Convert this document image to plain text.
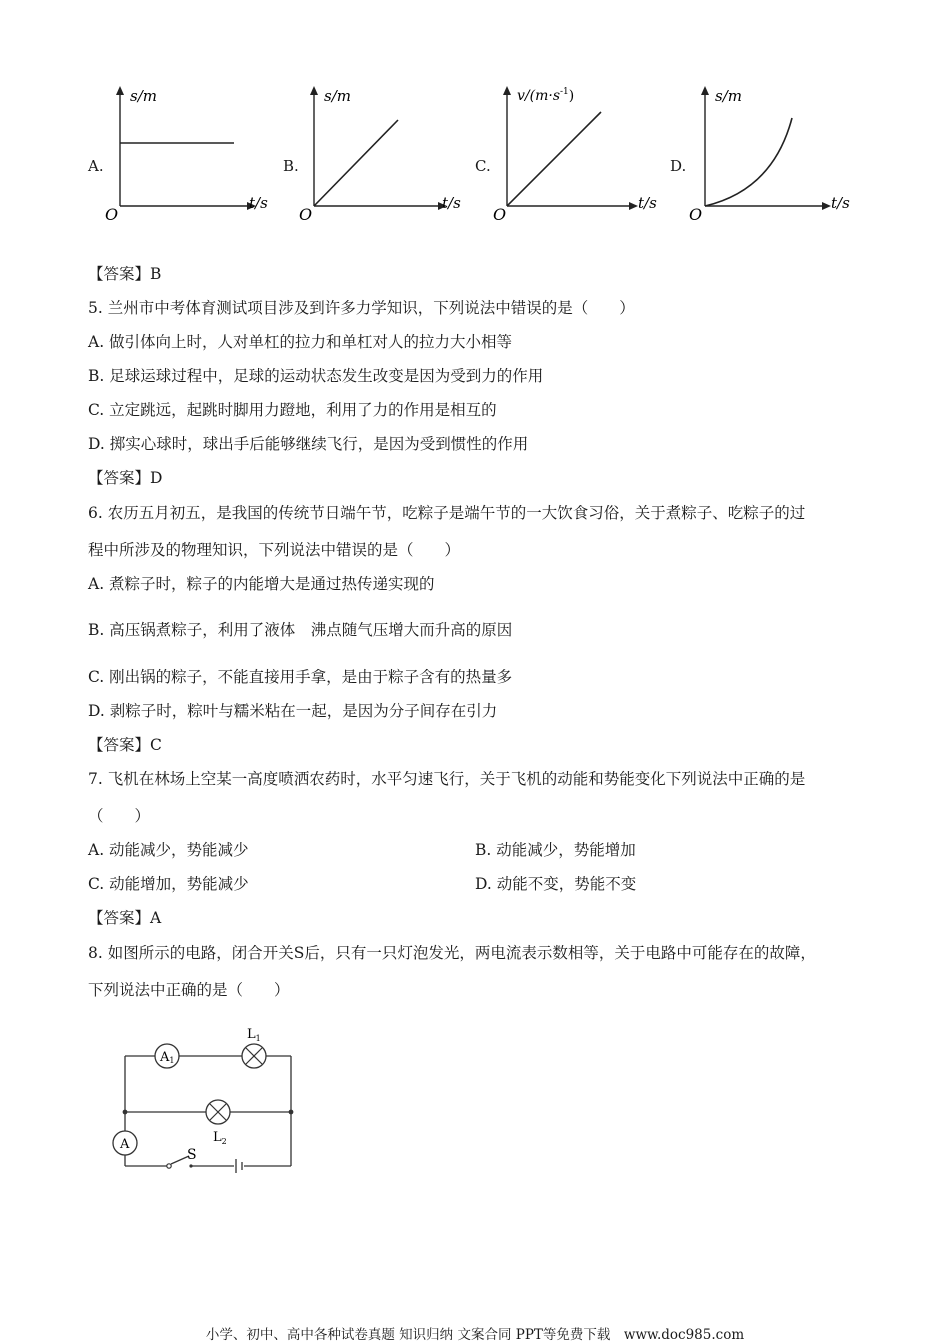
A.
s/m
t/s
O
B.
s/m
t/s
O
C.
$v/(m\cdot s^{-1})$
t/s
O
D.
s/m
t/s
O
【答案】B
5. 兰州市中考体育测试项目涉及到许多力学知识，下列说法中错误的是（　　）
A. 做引体向上时，人对单杠的拉力和单杠对人的拉力大小相等
B. 足球运球过程中，足球的运动状态发生改变是因为受到力的作用
C. 立定跳远，起跳时脚用力蹬地，利用了力的作用是相互的
D. 掷实心球时，球出手后能够继续飞行，是因为受到惯性的作用
【答案】D
6. 农历五月初五，是我国的传统节日端午节，吃粽子是端午节的一大饮食习俗，关于煮粽子、吃粽子的过
程中所涉及的物理知识，下列说法中错误的是（　　）
A. 煮粽子时，粽子的内能增大是通过热传递实现的
B. 高压锅煮粽子，利用了液体　沸点随气压增大而升高的原因
C. 刚出锅的粽子，不能直接用手拿，是由于粽子含有的热量多
D. 剥粽子时，粽叶与糯米粘在一起，是因为分子间存在引力
【答案】C
7. 飞机在林场上空某一高度喷洒农药时，水平匀速飞行，关于飞机的动能和势能变化下列说法中正确的是
（　　）
A. 动能减少，势能减少	B. 动能减少，势能增加
C. 动能增加，势能减少	D. 动能不变，势能不变
【答案】A
8. 如图所示的电路，闭合开关S后，只有一只灯泡发光，两电流表示数相等，关于电路中可能存在的故障，
下列说法中正确的是（　　）
A1
$L_1$
$L_2$
A
S
小学、初中、高中各种试卷真题 知识归纳 文案合同 PPT等免费下载　www.doc985.com
